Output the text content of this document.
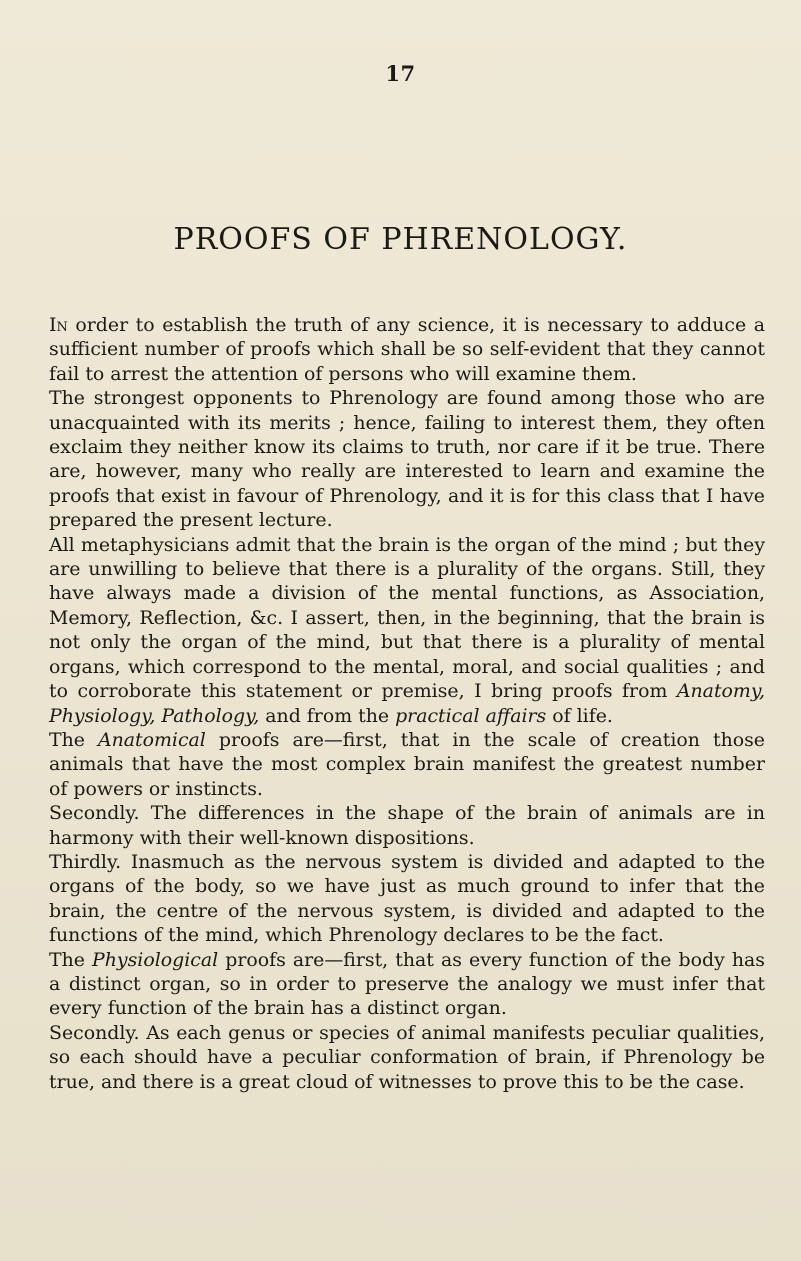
17
PROOFS OF PHRENOLOGY.

In order to establish the truth of any science, it is necessary to adduce a sufficient number of proofs which shall be so self-evident that they cannot fail to arrest the attention of persons who will examine them.

The strongest opponents to Phrenology are found among those who are unacquainted with its merits ; hence, failing to interest them, they often exclaim they neither know its claims to truth, nor care if it be true. There are, however, many who really are interested to learn and examine the proofs that exist in favour of Phrenology, and it is for this class that I have prepared the present lecture.

All metaphysicians admit that the brain is the organ of the mind ; but they are unwilling to believe that there is a plurality of the organs. Still, they have always made a division of the mental functions, as Association, Memory, Reflection, &c. I assert, then, in the beginning, that the brain is not only the organ of the mind, but that there is a plurality of mental organs, which correspond to the mental, moral, and social qualities ; and to corroborate this statement or premise, I bring proofs from Anatomy, Physiology, Pathology, and from the practical affairs of life.

The Anatomical proofs are—first, that in the scale of creation those animals that have the most complex brain manifest the greatest number of powers or instincts.

Secondly. The differences in the shape of the brain of animals are in harmony with their well-known dispositions.

Thirdly. Inasmuch as the nervous system is divided and adapted to the organs of the body, so we have just as much ground to infer that the brain, the centre of the nervous system, is divided and adapted to the functions of the mind, which Phrenology declares to be the fact.

The Physiological proofs are—first, that as every function of the body has a distinct organ, so in order to preserve the analogy we must infer that every function of the brain has a distinct organ.

Secondly. As each genus or species of animal manifests peculiar qualities, so each should have a peculiar conformation of brain, if Phrenology be true, and there is a great cloud of witnesses to prove this to be the case.
